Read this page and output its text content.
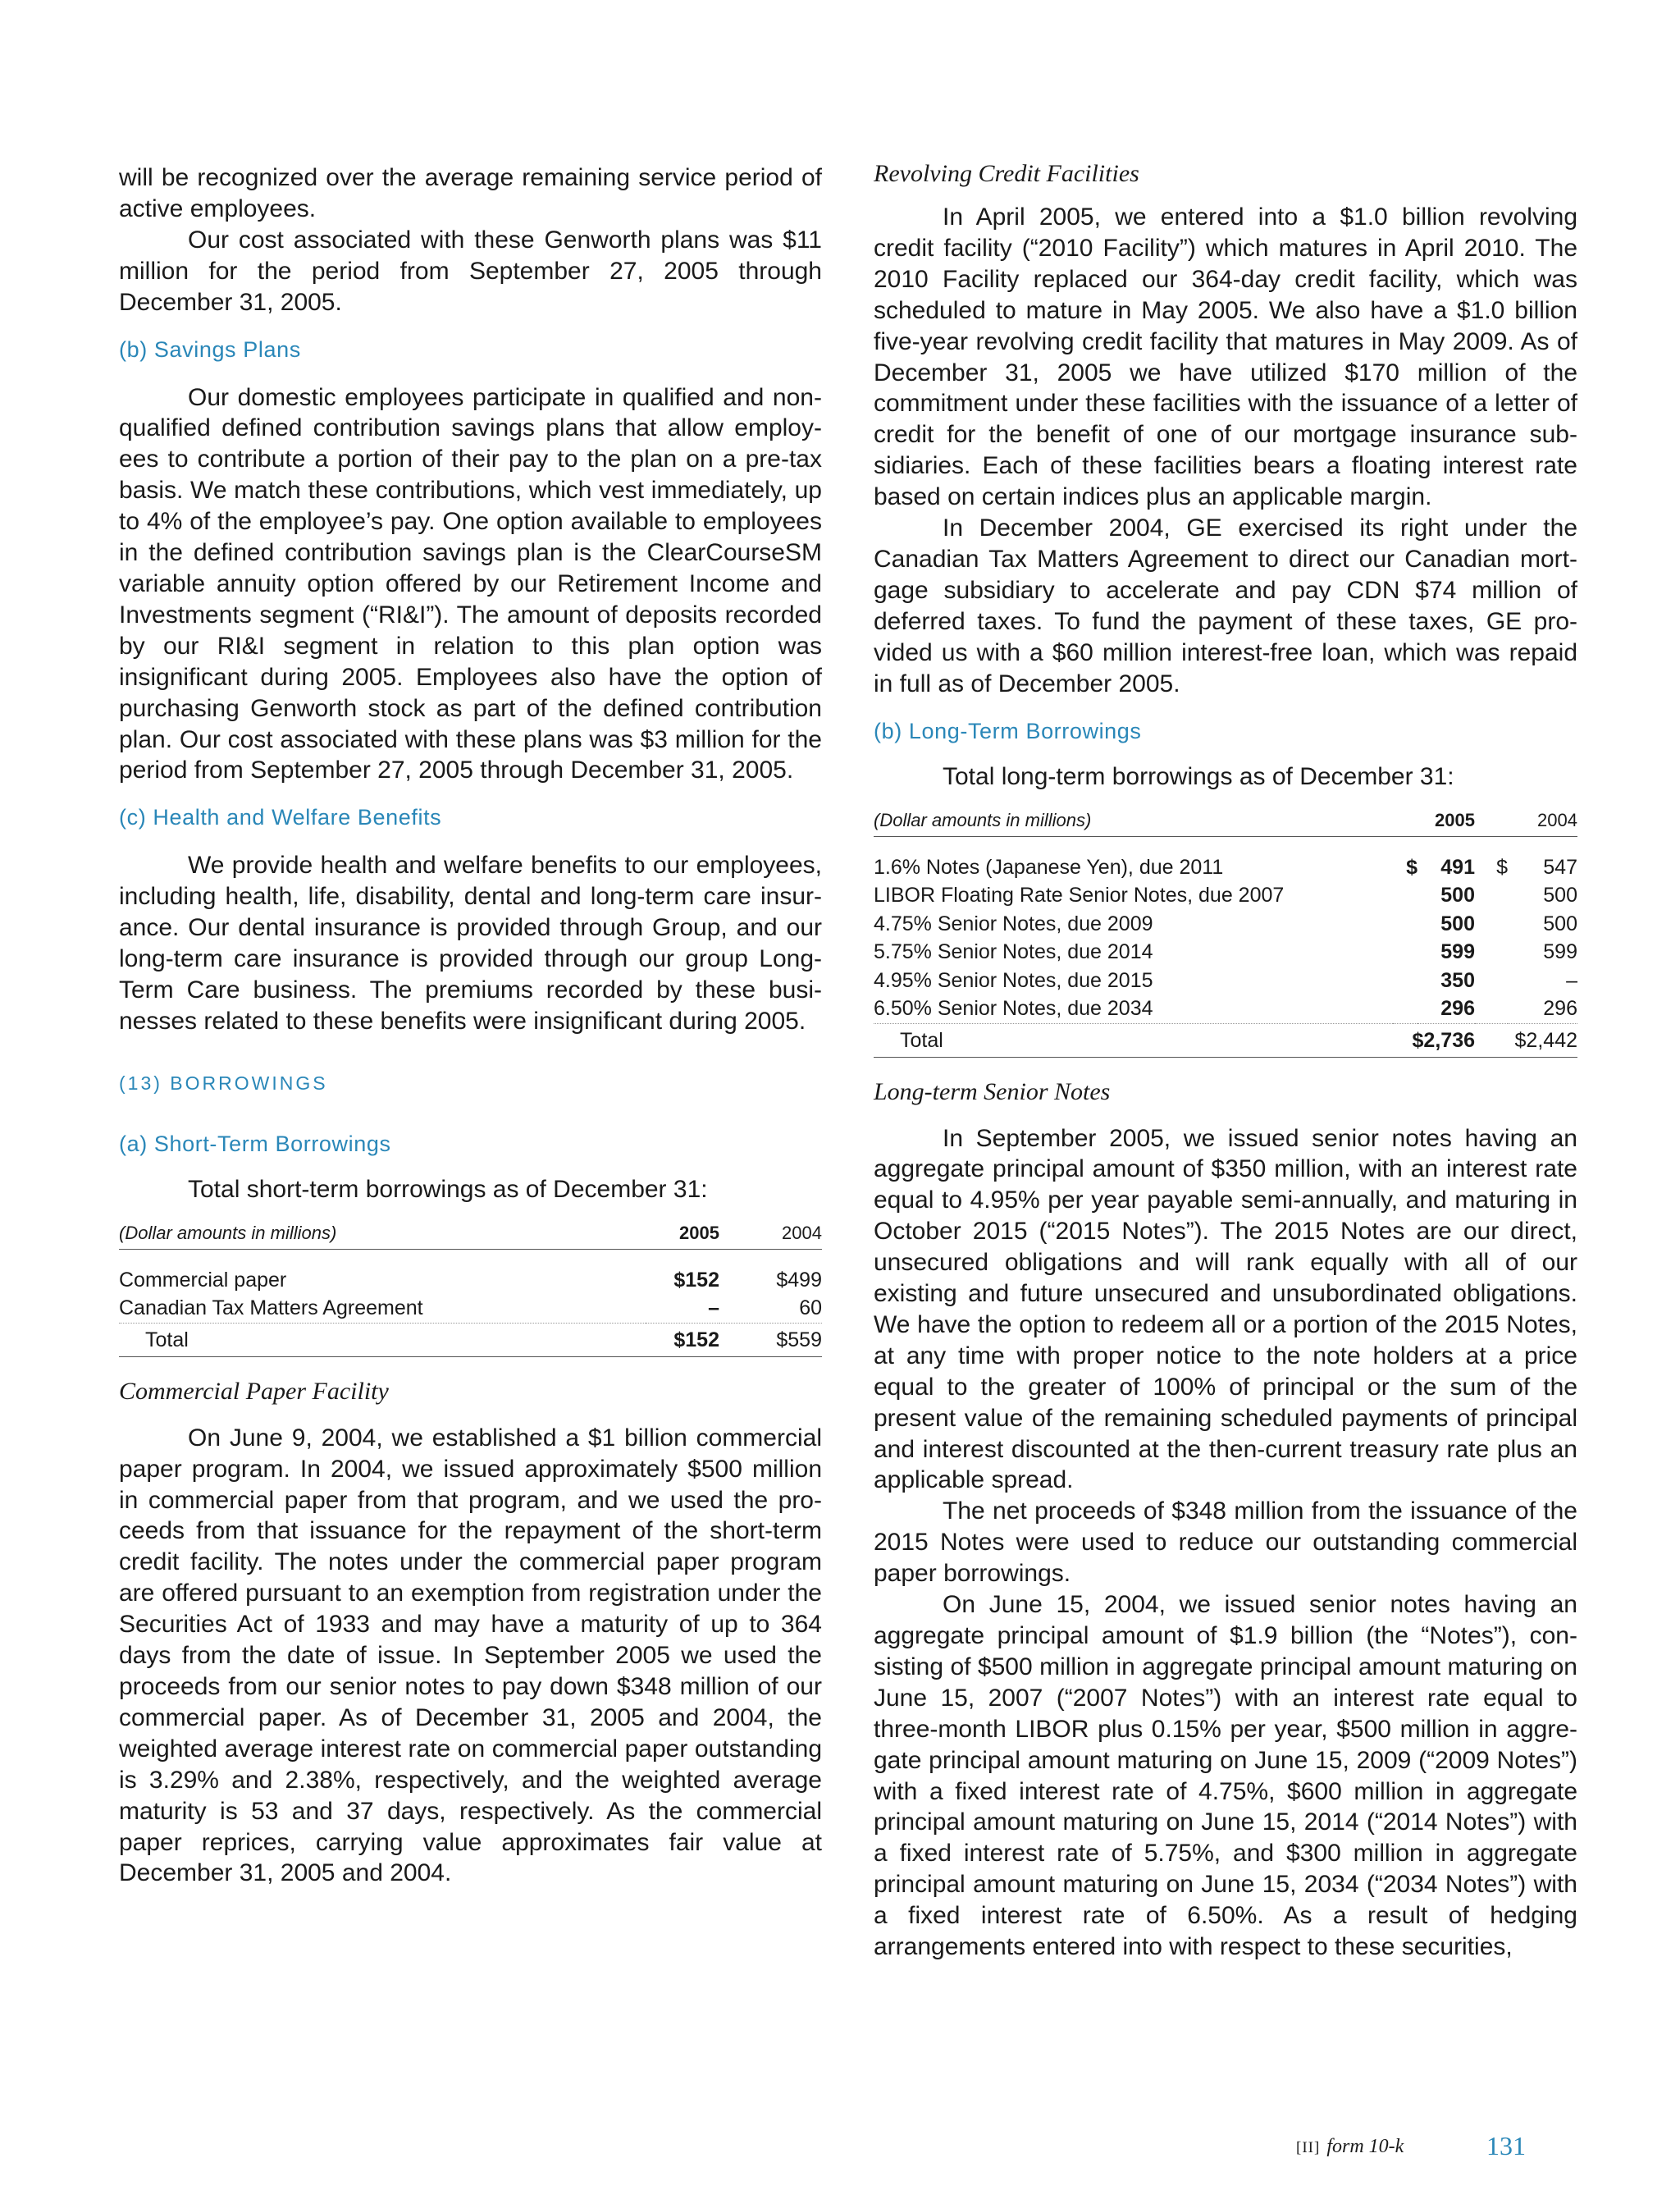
will be recognized over the average remaining service period of active employees.

Our cost associated with these Genworth plans was $11 million for the period from September 27, 2005 through December 31, 2005.

(b) Savings Plans

Our domestic employees participate in qualified and nonqualified defined contribution savings plans that allow employees to contribute a portion of their pay to the plan on a pre-tax basis. We match these contributions, which vest immediately, up to 4% of the employee’s pay. One option available to employees in the defined contribution savings plan is the ClearCourseSM variable annuity option offered by our Retirement Income and Investments segment (“RI&I”). The amount of deposits recorded by our RI&I segment in relation to this plan option was insignificant during 2005. Employees also have the option of purchasing Genworth stock as part of the defined contribution plan. Our cost associated with these plans was $3 million for the period from September 27, 2005 through December 31, 2005.

(c) Health and Welfare Benefits

We provide health and welfare benefits to our employees, including health, life, disability, dental and long-term care insurance. Our dental insurance is provided through Group, and our long-term care insurance is provided through our group Long-Term Care business. The premiums recorded by these businesses related to these benefits were insignificant during 2005.

(13) BORROWINGS
(a) Short-Term Borrowings
Total short-term borrowings as of December 31:
(Dollar amounts in millions)	2005	2004
Commercial paper	$152	$499
Canadian Tax Matters Agreement	–	60
Total	$152	$559
Commercial Paper Facility

On June 9, 2004, we established a $1 billion commercial paper program. In 2004, we issued approximately $500 million in commercial paper from that program, and we used the proceeds from that issuance for the repayment of the short-term credit facility. The notes under the commercial paper program are offered pursuant to an exemption from registration under the Securities Act of 1933 and may have a maturity of up to 364 days from the date of issue. In September 2005 we used the proceeds from our senior notes to pay down $348 million of our commercial paper. As of December 31, 2005 and 2004, the weighted average interest rate on commercial paper outstanding is 3.29% and 2.38%, respectively, and the weighted average maturity is 53 and 37 days, respectively. As the commercial paper reprices, carrying value approximates fair value at December 31, 2005 and 2004.

Revolving Credit Facilities

In April 2005, we entered into a $1.0 billion revolving credit facility (“2010 Facility”) which matures in April 2010. The 2010 Facility replaced our 364-day credit facility, which was scheduled to mature in May 2005. We also have a $1.0 billion five-year revolving credit facility that matures in May 2009. As of December 31, 2005 we have utilized $170 million of the commitment under these facilities with the issuance of a letter of credit for the benefit of one of our mortgage insurance subsidiaries. Each of these facilities bears a floating interest rate based on certain indices plus an applicable margin.

In December 2004, GE exercised its right under the Canadian Tax Matters Agreement to direct our Canadian mortgage subsidiary to accelerate and pay CDN $74 million of deferred taxes. To fund the payment of these taxes, GE provided us with a $60 million interest-free loan, which was repaid in full as of December 2005.

(b) Long-Term Borrowings
Total long-term borrowings as of December 31:
(Dollar amounts in millions)		2005		2004
1.6% Notes (Japanese Yen), due 2011	$	491	$	547
LIBOR Floating Rate Senior Notes, due 2007		500		500
4.75% Senior Notes, due 2009		500		500
5.75% Senior Notes, due 2014		599		599
4.95% Senior Notes, due 2015		350		–
6.50% Senior Notes, due 2034		296		296
Total	$2,736		$2,442	
Long-term Senior Notes

In September 2005, we issued senior notes having an aggregate principal amount of $350 million, with an interest rate equal to 4.95% per year payable semi-annually, and maturing in October 2015 (“2015 Notes”). The 2015 Notes are our direct, unsecured obligations and will rank equally with all of our existing and future unsecured and unsubordinated obligations. We have the option to redeem all or a portion of the 2015 Notes, at any time with proper notice to the note holders at a price equal to the greater of 100% of principal or the sum of the present value of the remaining scheduled payments of principal and interest discounted at the then-current treasury rate plus an applicable spread.

The net proceeds of $348 million from the issuance of the 2015 Notes were used to reduce our outstanding commercial paper borrowings.

On June 15, 2004, we issued senior notes having an aggregate principal amount of $1.9 billion (the “Notes”), consisting of $500 million in aggregate principal amount maturing on June 15, 2007 (“2007 Notes”) with an interest rate equal to three-month LIBOR plus 0.15% per year, $500 million in aggregate principal amount maturing on June 15, 2009 (“2009 Notes”) with a fixed interest rate of 4.75%, $600 million in aggregate principal amount maturing on June 15, 2014 (“2014 Notes”) with a fixed interest rate of 5.75%, and $300 million in aggregate principal amount maturing on June 15, 2034 (“2034 Notes”) with a fixed interest rate of 6.50%. As a result of hedging arrangements entered into with respect to these securities,

[II] form 10-k	131
